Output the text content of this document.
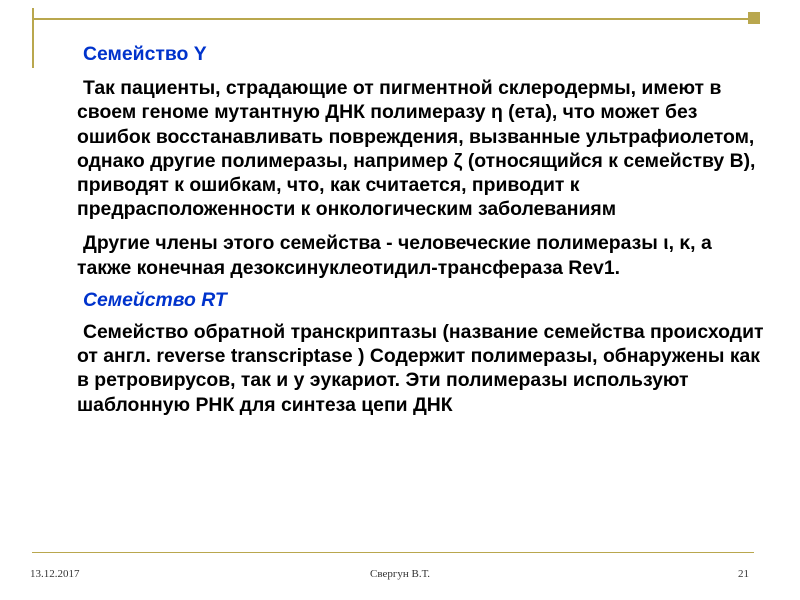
Семейство Y

Так пациенты, страдающие от пигментной склеродермы, имеют в своем геноме мутантную ДНК полимеразу η (ета), что может без ошибок восстанавливать повреждения, вызванные ультрафиолетом, однако другие полимеразы, например ζ (относящийся к семейству B), приводят к ошибкам, что, как считается, приводит к предрасположенности к онкологическим заболеваниям

Другие члены этого семейства - человеческие полимеразы ι, κ, а также конечная дезоксинуклеотидил-трансфераза Rev1.

Семейство RT

Семейство обратной транскриптазы (название семейства происходит от англ. reverse transcriptase ) Содержит полимеразы, обнаружены как в ретровирусов, так и у эукариот. Эти полимеразы используют шаблонную РНК для синтеза цепи ДНК

13.12.2017	Свергун В.Т.	21
